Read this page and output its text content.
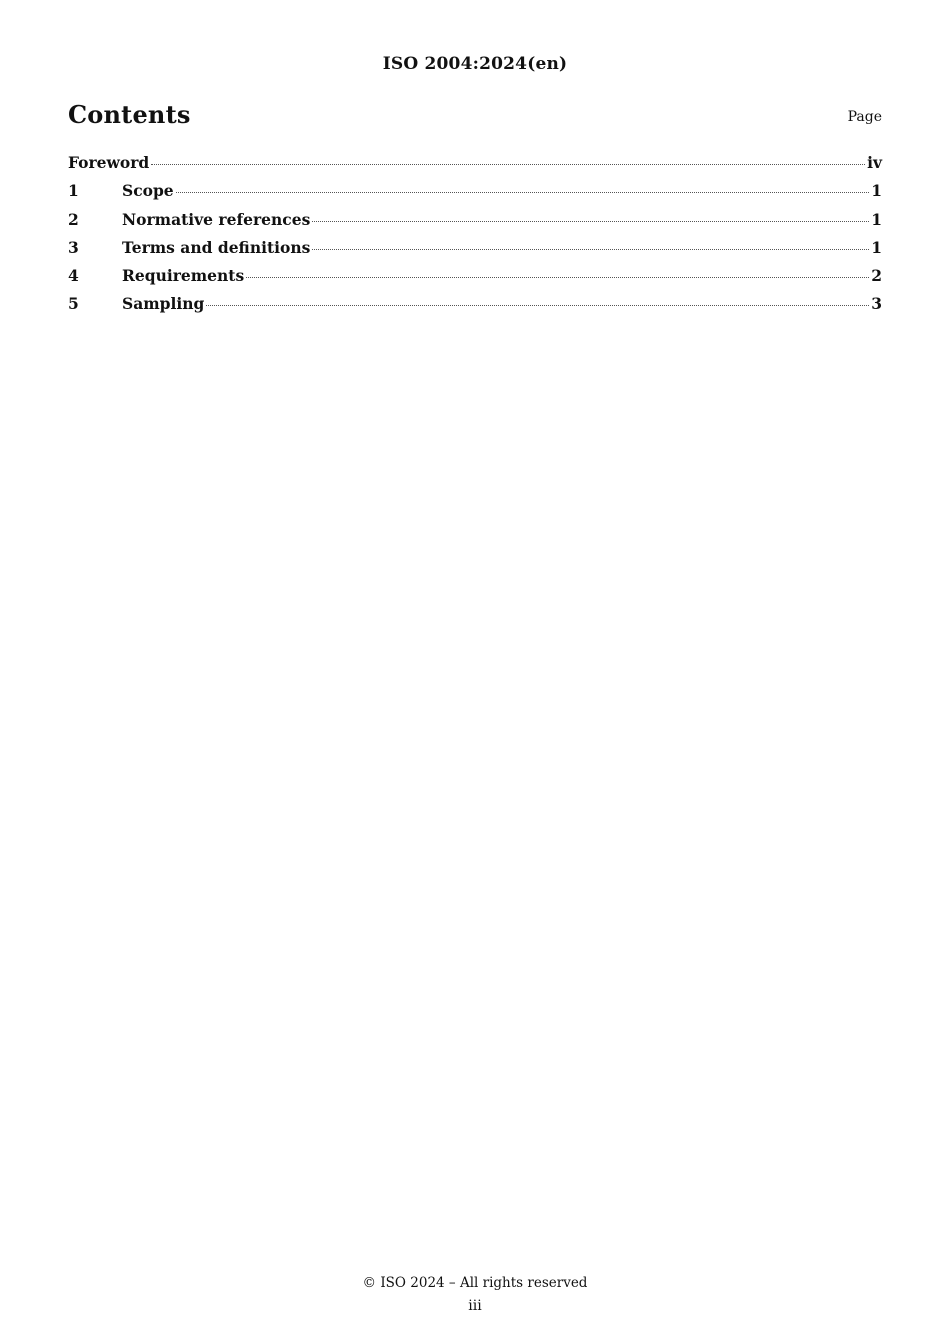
ISO 2004:2024(en)
Contents	Page
Foreword	iv
1	Scope	1
2	Normative references	1
3	Terms and definitions	1
4	Requirements	2
5	Sampling	3
© ISO 2024 – All rights reserved
iii
